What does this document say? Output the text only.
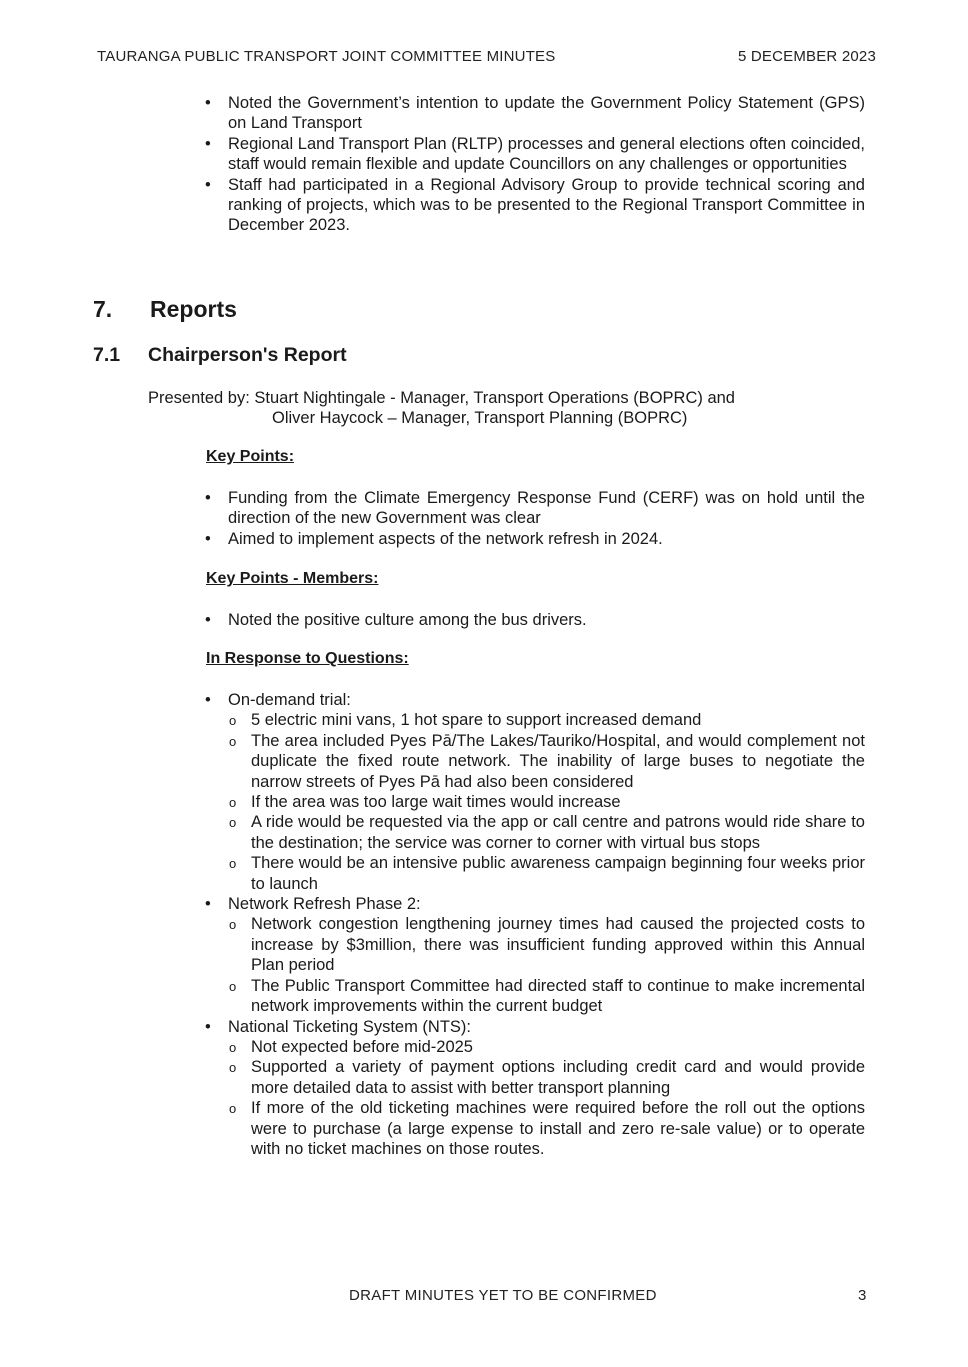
TAURANGA PUBLIC TRANSPORT JOINT COMMITTEE MINUTES	5 DECEMBER 2023
• Noted the Government’s intention to update the Government Policy Statement (GPS) on Land Transport
• Regional Land Transport Plan (RLTP) processes and general elections often coincided, staff would remain flexible and update Councillors on any challenges or opportunities
• Staff had participated in a Regional Advisory Group to provide technical scoring and ranking of projects, which was to be presented to the Regional Transport Committee in December 2023.
7. Reports
7.1 Chairperson's Report
Presented by: Stuart Nightingale - Manager, Transport Operations (BOPRC) and
Oliver Haycock – Manager, Transport Planning (BOPRC)
Key Points:
• Funding from the Climate Emergency Response Fund (CERF) was on hold until the direction of the new Government was clear
• Aimed to implement aspects of the network refresh in 2024.
Key Points - Members:
• Noted the positive culture among the bus drivers.
In Response to Questions:
• On-demand trial:
o 5 electric mini vans, 1 hot spare to support increased demand
o The area included Pyes Pā/The Lakes/Tauriko/Hospital, and would complement not duplicate the fixed route network. The inability of large buses to negotiate the narrow streets of Pyes Pā had also been considered
o If the area was too large wait times would increase
o A ride would be requested via the app or call centre and patrons would ride share to the destination; the service was corner to corner with virtual bus stops
o There would be an intensive public awareness campaign beginning four weeks prior to launch
• Network Refresh Phase 2:
o Network congestion lengthening journey times had caused the projected costs to increase by $3million, there was insufficient funding approved within this Annual Plan period
o The Public Transport Committee had directed staff to continue to make incremental network improvements within the current budget
• National Ticketing System (NTS):
o Not expected before mid-2025
o Supported a variety of payment options including credit card and would provide more detailed data to assist with better transport planning
o If more of the old ticketing machines were required before the roll out the options were to purchase (a large expense to install and zero re-sale value) or to operate with no ticket machines on those routes.
DRAFT MINUTES YET TO BE CONFIRMED	3
